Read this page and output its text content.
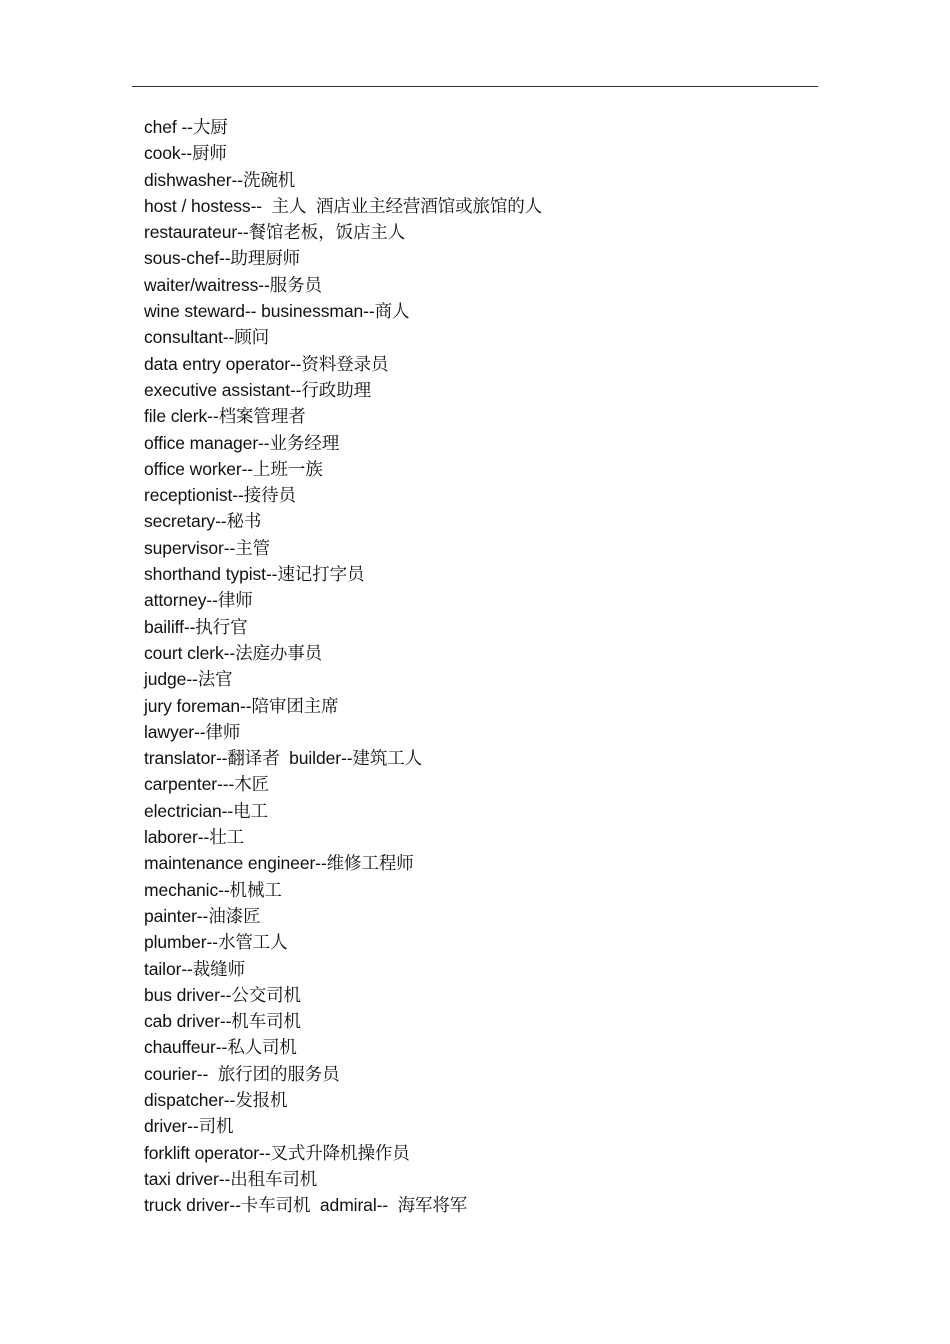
chef --大厨
cook--厨师
dishwasher--洗碗机
host / hostess--  主人  酒店业主经营酒馆或旅馆的人
restaurateur--餐馆老板，饭店主人
sous-chef--助理厨师
waiter/waitress--服务员
wine steward-- businessman--商人
consultant--顾问
data entry operator--资料登录员
executive assistant--行政助理
file clerk--档案管理者
office manager--业务经理
office worker--上班一族
receptionist--接待员
secretary--秘书
supervisor--主管
shorthand typist--速记打字员
attorney--律师
bailiff--执行官
court clerk--法庭办事员
judge--法官
jury foreman--陪审团主席
lawyer--律师
translator--翻译者  builder--建筑工人
carpenter---木匠
electrician--电工
laborer--壮工
maintenance engineer--维修工程师
mechanic--机械工
painter--油漆匠
plumber--水管工人
tailor--裁缝师
bus driver--公交司机
cab driver--机车司机
chauffeur--私人司机
courier--  旅行团的服务员
dispatcher--发报机
driver--司机
forklift operator--叉式升降机操作员
taxi driver--出租车司机
truck driver--卡车司机  admiral--  海军将军
